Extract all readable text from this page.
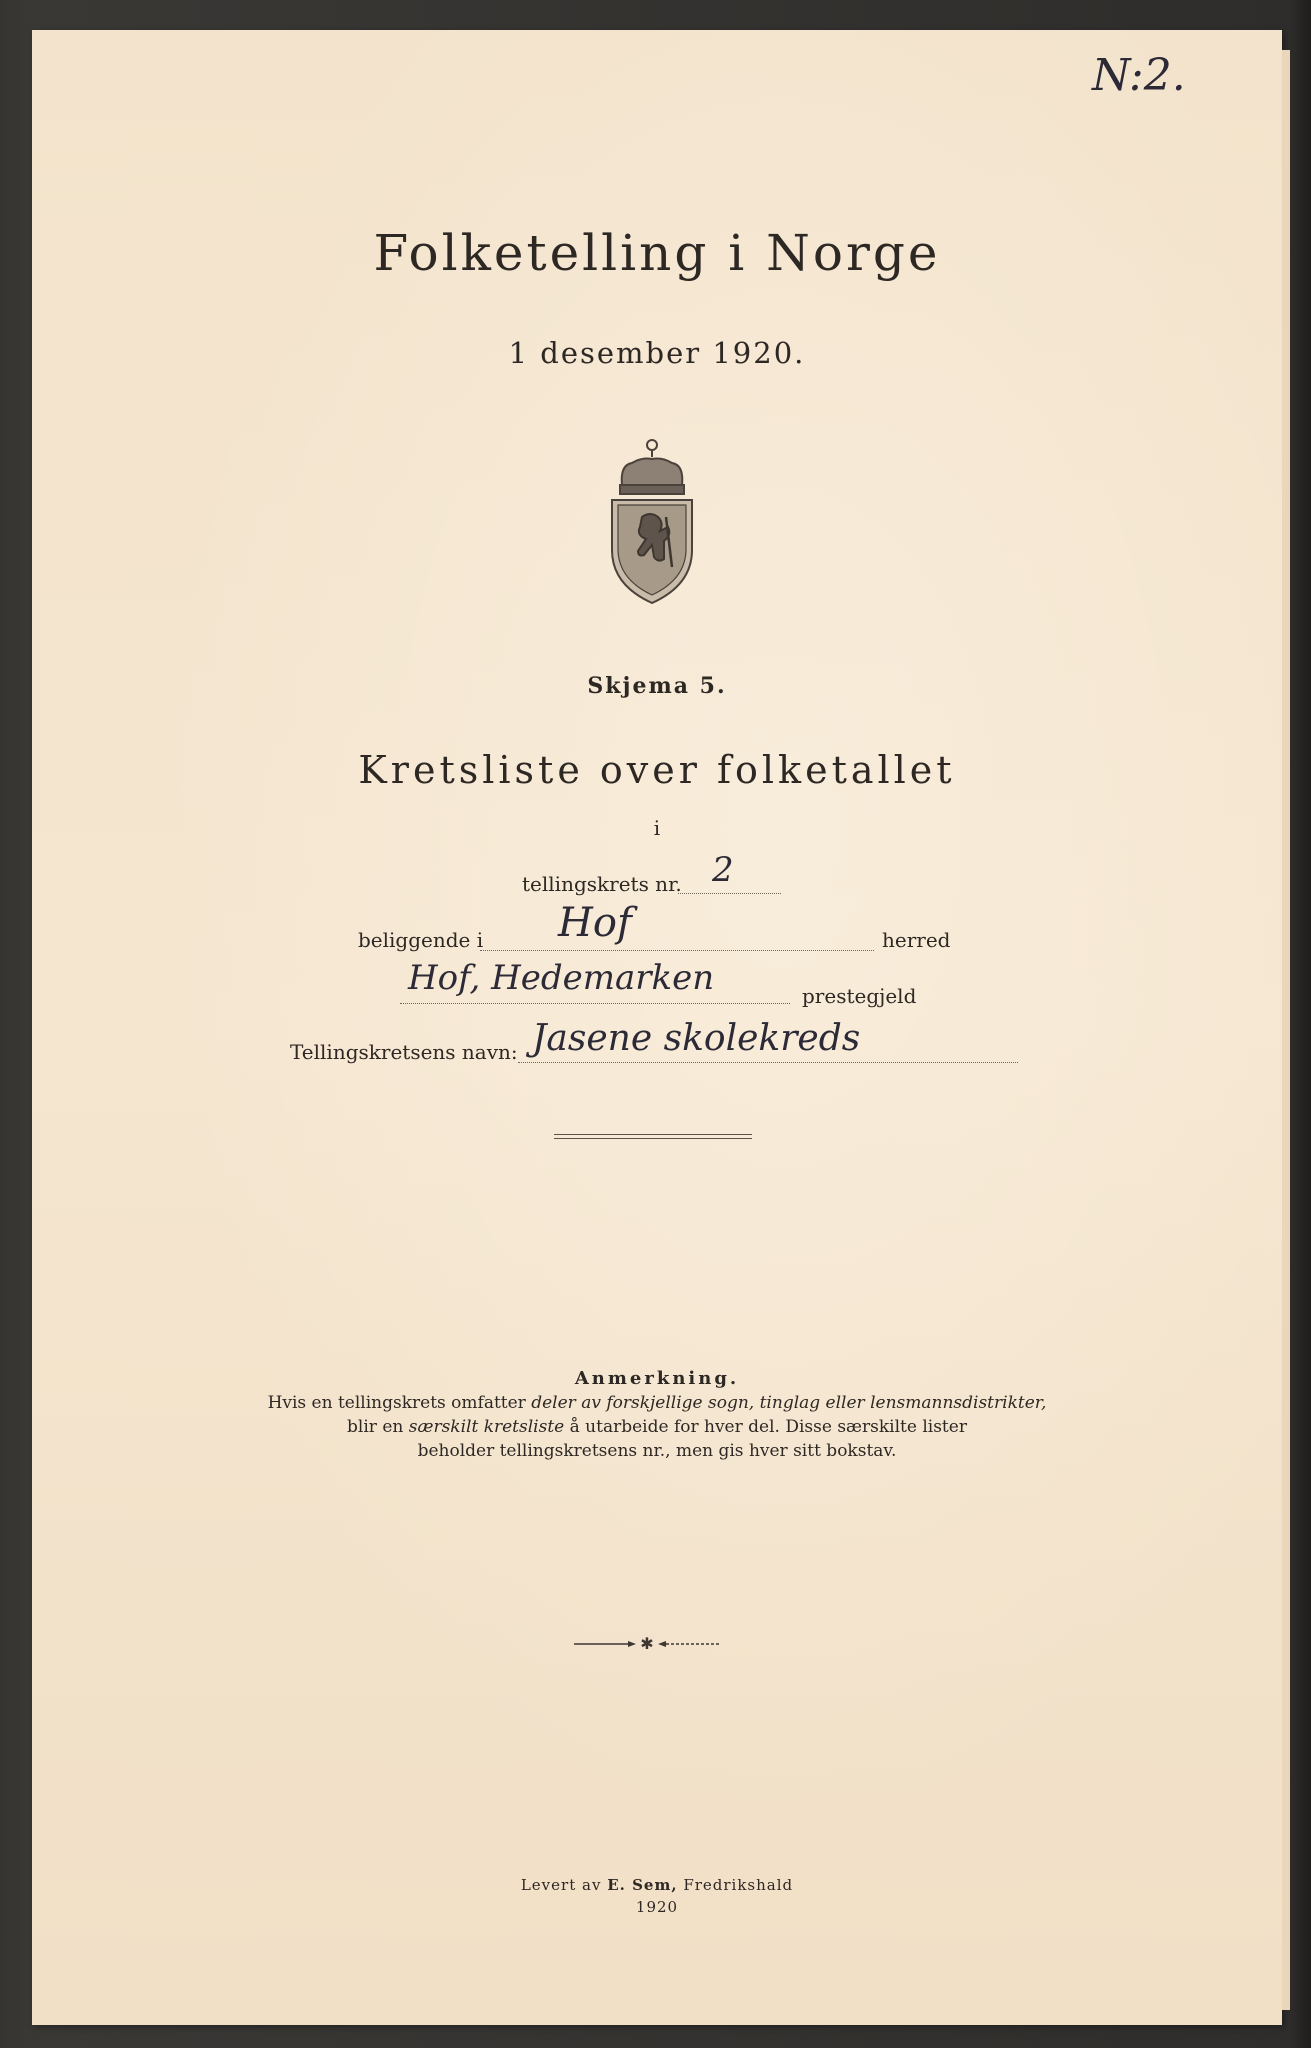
N:2.
Folketelling i Norge
1 desember 1920.
Skjema 5.
Kretsliste over folketallet
i
tellingskrets nr. 2
beliggende i Hof	herred
Hof, Hedemarken	prestegjeld
Tellingskretsens navn: Jasene skolekreds
Anmerkning.
Hvis en tellingskrets omfatter deler av forskjellige sogn, tinglag eller lensmannsdistrikter,
blir en særskilt kretsliste å utarbeide for hver del. Disse særskilte lister
beholder tellingskretsens nr., men gis hver sitt bokstav.
✱
Levert av E. Sem, Fredrikshald
1920
